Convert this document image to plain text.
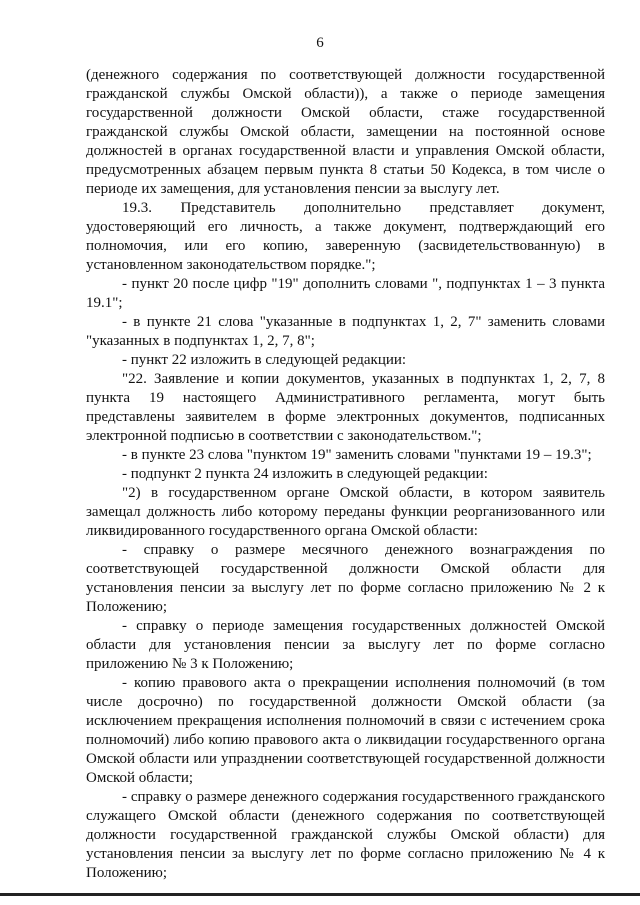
6

(денежного содержания по соответствующей должности государственной гражданской службы Омской области)), а также о периоде замещения государственной должности Омской области, стаже государственной гражданской службы Омской области, замещении на постоянной основе должностей в органах государственной власти и управления Омской области, предусмотренных абзацем первым пункта 8 статьи 50 Кодекса, в том числе о периоде их замещения, для установления пенсии за выслугу лет.

19.3. Представитель дополнительно представляет документ, удостоверяющий его личность, а также документ, подтверждающий его полномочия, или его копию, заверенную (засвидетельствованную) в установленном законодательством порядке.";

- пункт 20 после цифр "19" дополнить словами ", подпунктах 1 – 3 пункта 19.1";

- в пункте 21 слова "указанные в подпунктах 1, 2, 7" заменить словами "указанных в подпунктах 1, 2, 7, 8";

- пункт 22 изложить в следующей редакции:

"22. Заявление и копии документов, указанных в подпунктах 1, 2, 7, 8 пункта 19 настоящего Административного регламента, могут быть представлены заявителем в форме электронных документов, подписанных электронной подписью в соответствии с законодательством.";

- в пункте 23 слова "пунктом 19" заменить словами "пунктами 19 – 19.3";

- подпункт 2 пункта 24 изложить в следующей редакции:

"2) в государственном органе Омской области, в котором заявитель замещал должность либо которому переданы функции реорганизованного или ликвидированного государственного органа Омской области:

- справку о размере месячного денежного вознаграждения по соответствующей государственной должности Омской области для установления пенсии за выслугу лет по форме согласно приложению № 2 к Положению;

- справку о периоде замещения государственных должностей Омской области для установления пенсии за выслугу лет по форме согласно приложению № 3 к Положению;

- копию правового акта о прекращении исполнения полномочий (в том числе досрочно) по государственной должности Омской области (за исключением прекращения исполнения полномочий в связи с истечением срока полномочий) либо копию правового акта о ликвидации государственного органа Омской области или упразднении соответствующей государственной должности Омской области;

- справку о размере денежного содержания государственного гражданского служащего Омской области (денежного содержания по соответствующей должности государственной гражданской службы Омской области) для установления пенсии за выслугу лет по форме согласно приложению № 4 к Положению;
